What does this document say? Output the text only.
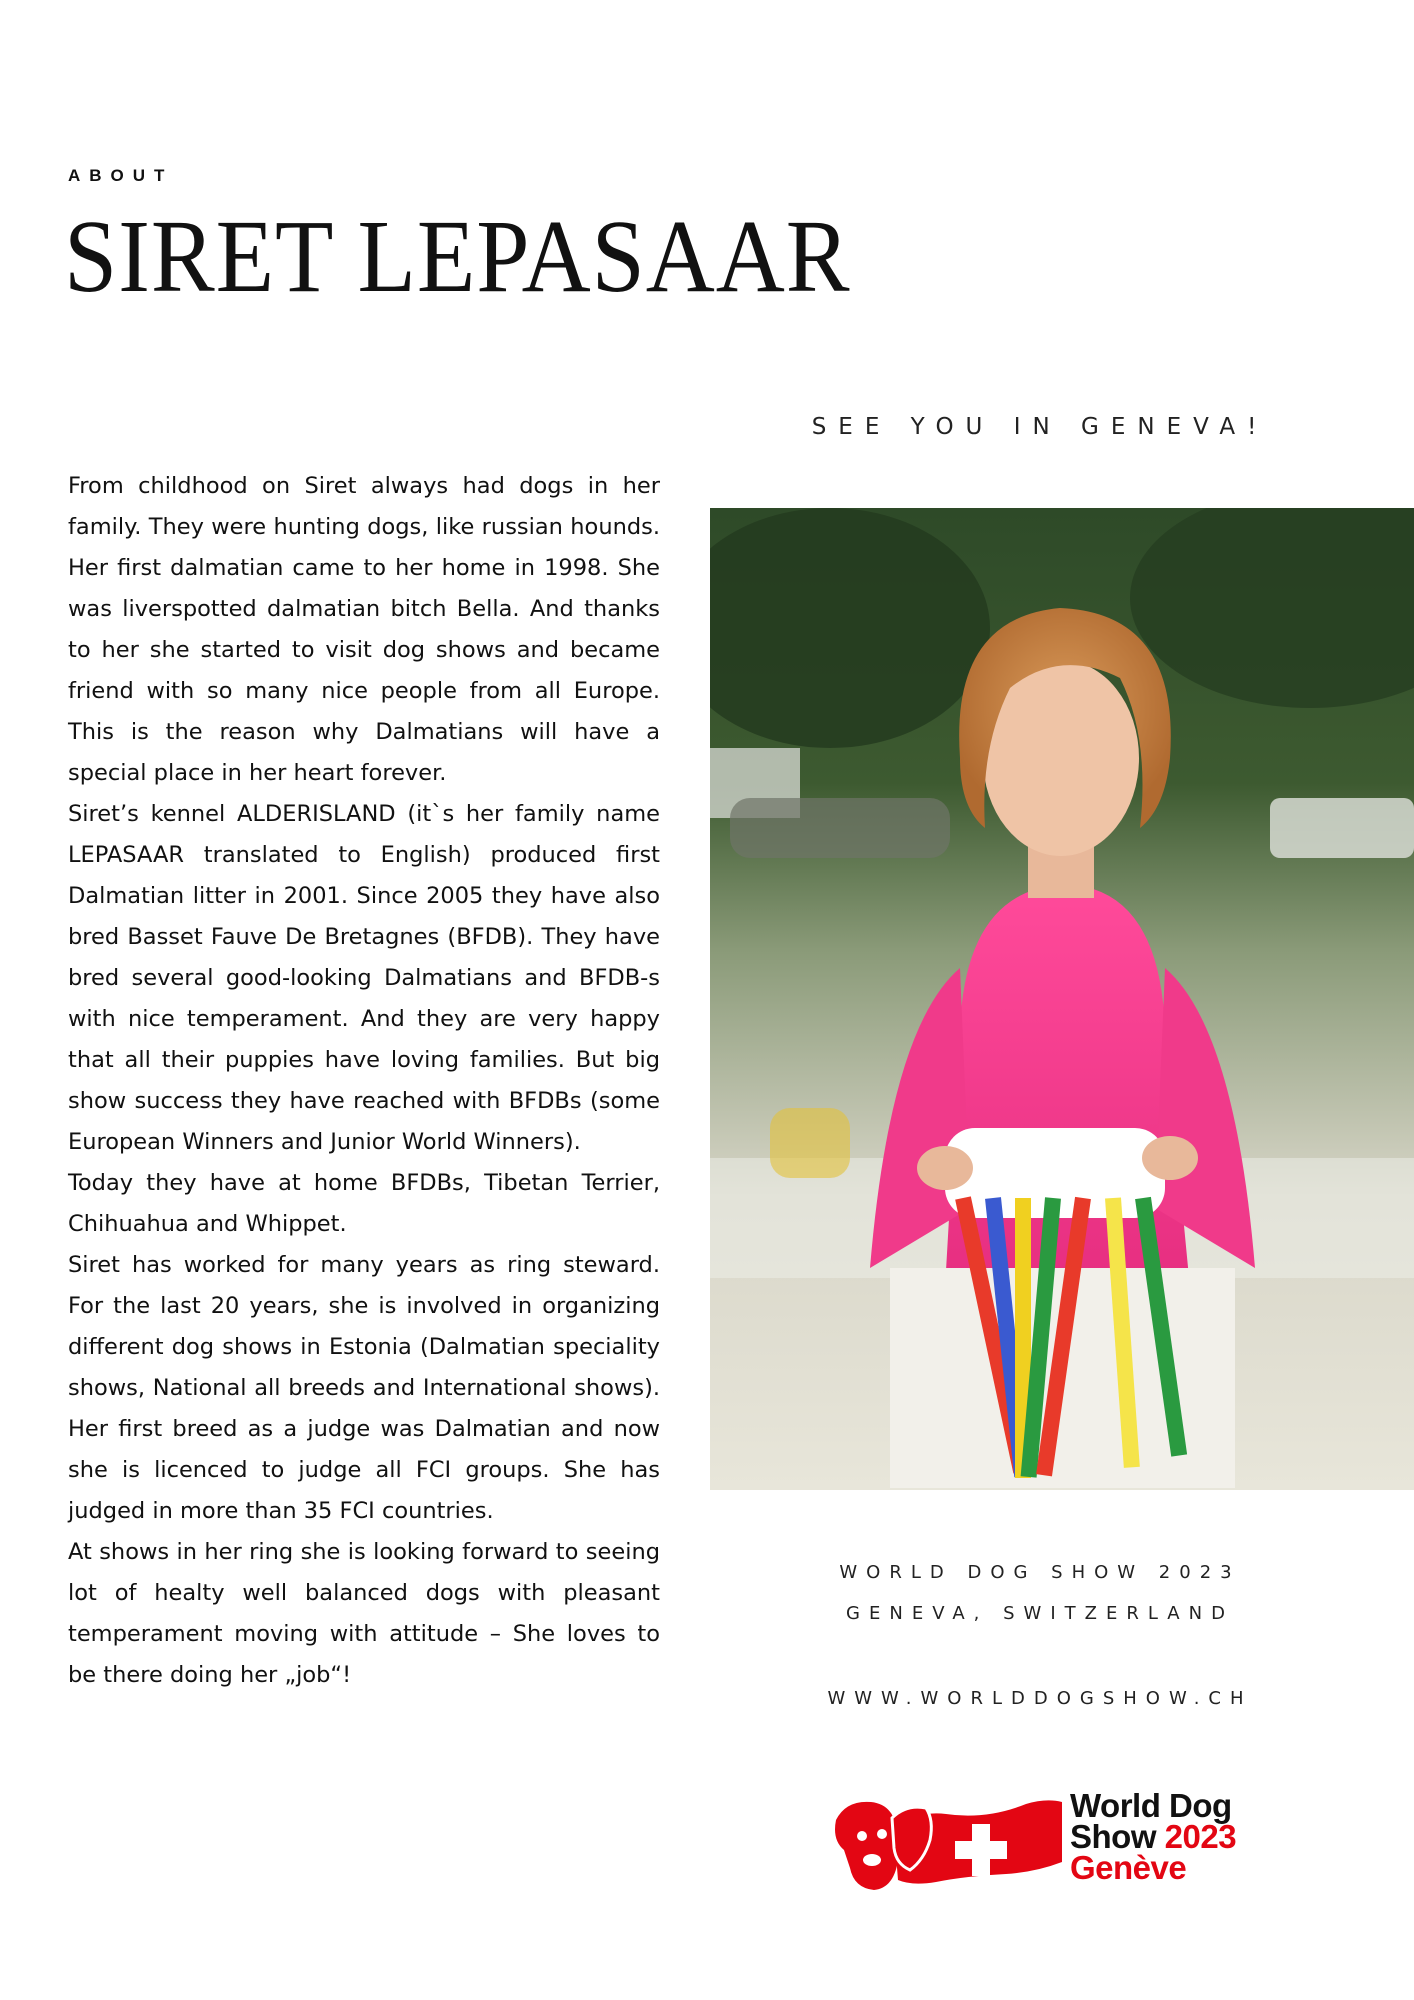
ABOUT
SIRET LEPASAAR
SEE YOU IN GENEVA!

From childhood on Siret always had dogs in her family. They were hunting dogs, like russian hounds. Her first dalmatian came to her home in 1998. She was liverspotted dalmatian bitch Bella. And thanks to her she started to visit dog shows and became friend with so many nice people from all Europe. This is the reason why Dalmatians will have a special place in her heart forever.

Siret’s kennel ALDERISLAND (it`s her family name LEPASAAR translated to English) produced first Dalmatian litter in 2001. Since 2005 they have also bred Basset Fauve De Bretagnes (BFDB). They have bred several good-looking Dalmatians and BFDB-s with nice temperament. And they are very happy that all their puppies have loving families. But big show success they have reached with BFDBs (some European Winners and Junior World Winners).

Today they have at home BFDBs, Tibetan Terrier, Chihuahua and Whippet.

Siret has worked for many years as ring steward. For the last 20 years, she is involved in organizing different dog shows in Estonia (Dalmatian speciality shows, National all breeds and International shows). Her first breed as a judge was Dalmatian and now she is licenced to judge all FCI groups. She has judged in more than 35 FCI countries.

At shows in her ring she is looking forward to seeing lot of healty well balanced dogs with pleasant temperament moving with attitude – She loves to be there doing her „job“!

WORLD DOG SHOW 2023
GENEVA, SWITZERLAND
WWW.WORLDDOGSHOW.CH
World Dog
Show 2023
Genève
